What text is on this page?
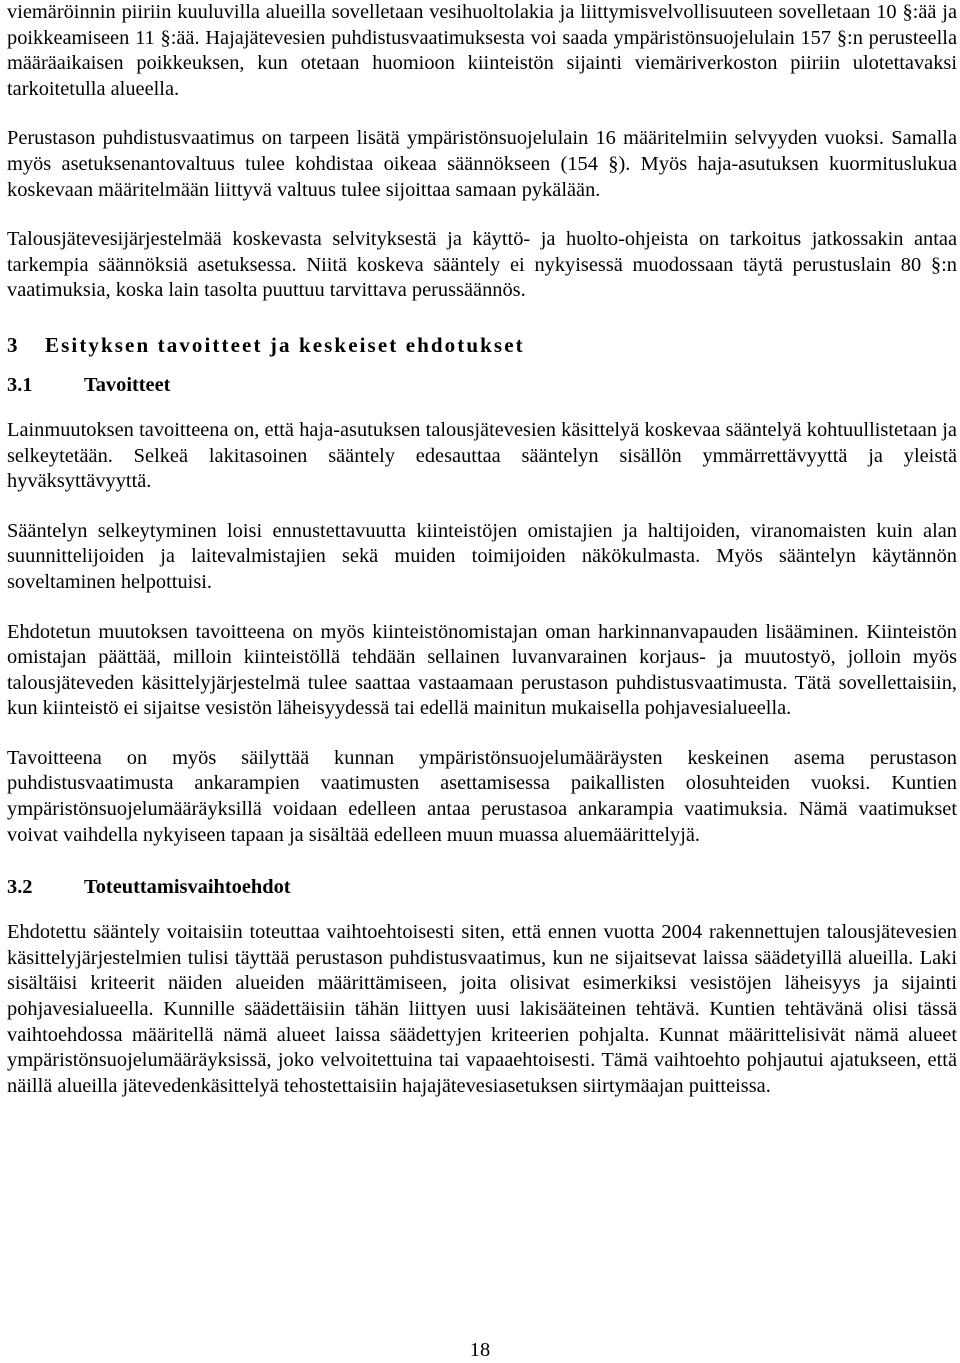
viemäröinnin piiriin kuuluvilla alueilla sovelletaan vesihuoltolakia ja liittymisvelvollisuuteen sovelletaan 10 §:ää ja poikkeamiseen 11 §:ää. Hajajätevesien puhdistusvaatimuksesta voi saada ympäristönsuojelulain 157 §:n perusteella määräaikaisen poikkeuksen, kun otetaan huomioon kiinteistön sijainti viemäriverkoston piiriin ulotettavaksi tarkoitetulla alueella.

Perustason puhdistusvaatimus on tarpeen lisätä ympäristönsuojelulain 16 määritelmiin selvyyden vuoksi. Samalla myös asetuksenantovaltuus tulee kohdistaa oikeaa säännökseen (154 §). Myös haja-asutuksen kuormituslukua koskevaan määritelmään liittyvä valtuus tulee sijoittaa samaan pykälään.

Talousjätevesijärjestelmää koskevasta selvityksestä ja käyttö- ja huolto-ohjeista on tarkoitus jatkossakin antaa tarkempia säännöksiä asetuksessa. Niitä koskeva sääntely ei nykyisessä muodossaan täytä perustuslain 80 §:n vaatimuksia, koska lain tasolta puuttuu tarvittava perussäännös.

3 Esityksen tavoitteet ja keskeiset ehdotukset
3.1	Tavoitteet

Lainmuutoksen tavoitteena on, että haja-asutuksen talousjätevesien käsittelyä koskevaa sääntelyä kohtuullistetaan ja selkeytetään. Selkeä lakitasoinen sääntely edesauttaa sääntelyn sisällön ymmärrettävyyttä ja yleistä hyväksyttävyyttä.

Sääntelyn selkeytyminen loisi ennustettavuutta kiinteistöjen omistajien ja haltijoiden, viranomaisten kuin alan suunnittelijoiden ja laitevalmistajien sekä muiden toimijoiden näkökulmasta. Myös sääntelyn käytännön soveltaminen helpottuisi.

Ehdotetun muutoksen tavoitteena on myös kiinteistönomistajan oman harkinnanvapauden lisääminen. Kiinteistön omistajan päättää, milloin kiinteistöllä tehdään sellainen luvanvarainen korjaus- ja muutostyö, jolloin myös talousjäteveden käsittelyjärjestelmä tulee saattaa vastaamaan perustason puhdistusvaatimusta. Tätä sovellettaisiin, kun kiinteistö ei sijaitse vesistön läheisyydessä tai edellä mainitun mukaisella pohjavesialueella.

Tavoitteena on myös säilyttää kunnan ympäristönsuojelumääräysten keskeinen asema perustason puhdistusvaatimusta ankarampien vaatimusten asettamisessa paikallisten olosuhteiden vuoksi. Kuntien ympäristönsuojelumääräyksillä voidaan edelleen antaa perustasoa ankarampia vaatimuksia. Nämä vaatimukset voivat vaihdella nykyiseen tapaan ja sisältää edelleen muun muassa aluemäärittelyjä.

3.2	Toteuttamisvaihtoehdot

Ehdotettu sääntely voitaisiin toteuttaa vaihtoehtoisesti siten, että ennen vuotta 2004 rakennettujen talousjätevesien käsittelyjärjestelmien tulisi täyttää perustason puhdistusvaatimus, kun ne sijaitsevat laissa säädetyillä alueilla. Laki sisältäisi kriteerit näiden alueiden määrittämiseen, joita olisivat esimerkiksi vesistöjen läheisyys ja sijainti pohjavesialueella. Kunnille säädettäisiin tähän liittyen uusi lakisääteinen tehtävä. Kuntien tehtävänä olisi tässä vaihtoehdossa määritellä nämä alueet laissa säädettyjen kriteerien pohjalta. Kunnat määrittelisivät nämä alueet ympäristönsuojelumääräyksissä, joko velvoitettuina tai vapaaehtoisesti. Tämä vaihtoehto pohjautui ajatukseen, että näillä alueilla jätevedenkäsittelyä tehostettaisiin hajajätevesiasetuksen siirtymäajan puitteissa.

18
